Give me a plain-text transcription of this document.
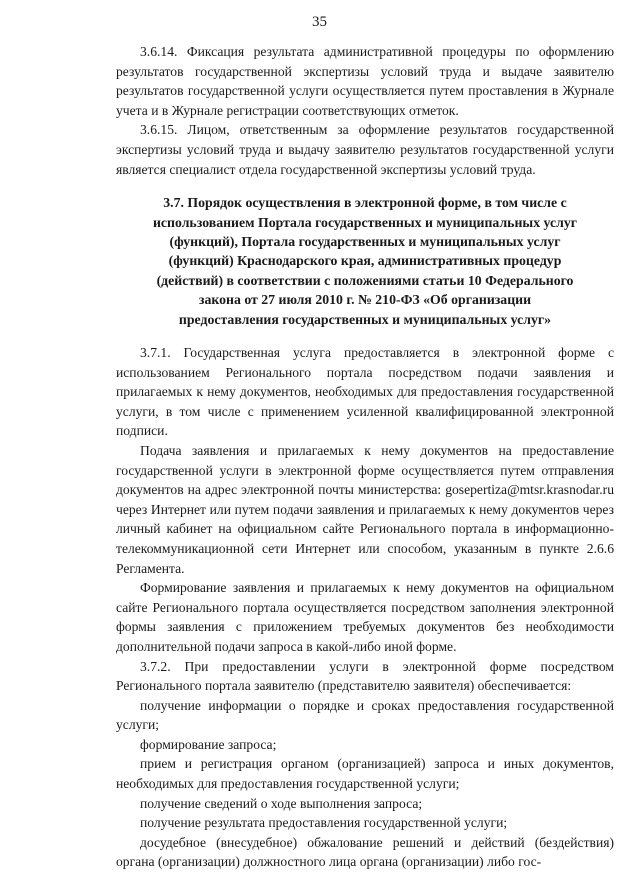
35

3.6.14. Фиксация результата административной процедуры по оформлению результатов государственной экспертизы условий труда и выдаче заявителю результатов государственной услуги осуществляется путем проставления в Журнале учета и в Журнале регистрации соответствующих отметок.

3.6.15. Лицом, ответственным за оформление результатов государственной экспертизы условий труда и выдачу заявителю результатов государственной услуги является специалист отдела государственной экспертизы условий труда.

3.7. Порядок осуществления в электронной форме, в том числе с использованием Портала государственных и муниципальных услуг (функций), Портала государственных и муниципальных услуг (функций) Краснодарского края, административных процедур (действий) в соответствии с положениями статьи 10 Федерального закона от 27 июля 2010 г. № 210-ФЗ «Об организации предоставления государственных и муниципальных услуг»

3.7.1. Государственная услуга предоставляется в электронной форме с использованием Регионального портала посредством подачи заявления и прилагаемых к нему документов, необходимых для предоставления государственной услуги, в том числе с применением усиленной квалифицированной электронной подписи.

Подача заявления и прилагаемых к нему документов на предоставление государственной услуги в электронной форме осуществляется путем отправления документов на адрес электронной почты министерства: gosepertiza@mtsr.krasnodar.ru через Интернет или путем подачи заявления и прилагаемых к нему документов через личный кабинет на официальном сайте Регионального портала в информационно-телекоммуникационной сети Интернет или способом, указанным в пункте 2.6.6 Регламента.

Формирование заявления и прилагаемых к нему документов на официальном сайте Регионального портала осуществляется посредством заполнения электронной формы заявления с приложением требуемых документов без необходимости дополнительной подачи запроса в какой-либо иной форме.

3.7.2. При предоставлении услуги в электронной форме посредством Регионального портала заявителю (представителю заявителя) обеспечивается:

получение информации о порядке и сроках предоставления государственной услуги;

формирование запроса;

прием и регистрация органом (организацией) запроса и иных документов, необходимых для предоставления государственной услуги;

получение сведений о ходе выполнения запроса;

получение результата предоставления государственной услуги;

досудебное (внесудебное) обжалование решений и действий (бездействия) органа (организации) должностного лица органа (организации) либо гос-
